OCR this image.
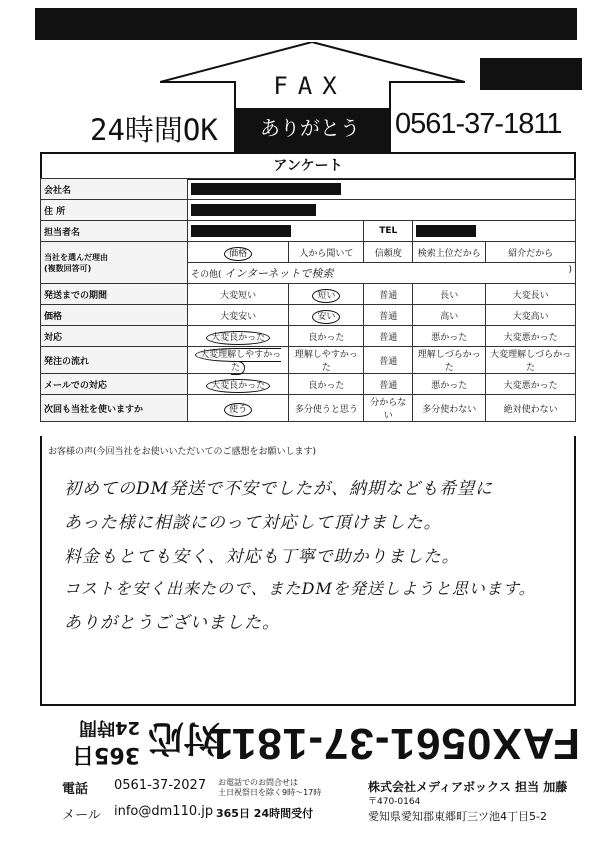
FAX
ありがとう
24時間OK	0561-37-1811
アンケート
会社名					
住 所					
担当者名			TEL		
当社を選んだ理由
(複数回答可)	価格	人から聞いて	信頼度	検索上位だから	紹介だから
	その他( インターネットで検索 )				

発送までの期間	大変短い	短い	普通	長い	大変長い
価格	大変安い	安い	普通	高い	大変高い
対応	大変良かった	良かった	普通	悪かった	大変悪かった
発注の流れ	大変理解しやすかった	理解しやすかった	普通	理解しづらかった	大変理解しづらかった
メールでの対応	大変良かった	良かった	普通	悪かった	大変悪かった
次回も当社を使いますか	使う	多分使うと思う	分からない	多分使わない	絶対使わない
お客様の声(今回当社をお使いいただいてのご感想をお願いします)
初めてのDM発送で不安でしたが、納期なども希望に
あった様に相談にのって対応して頂けました。
料金もとても安く、対応も丁寧で助かりました。
コストを安く出来たので、またDMを発送しようと思います。
ありがとうございました。
FAX0561-37-1811
対応
365日
24時間
電話 0561-37-2027 お電話でのお問合せは
土日祝祭日を除く9時〜17時
メール info@dm110.jp 365日 24時間受付
株式会社メディアボックス 担当 加藤
〒470-0164
愛知県愛知郡東郷町三ツ池4丁目5-2
